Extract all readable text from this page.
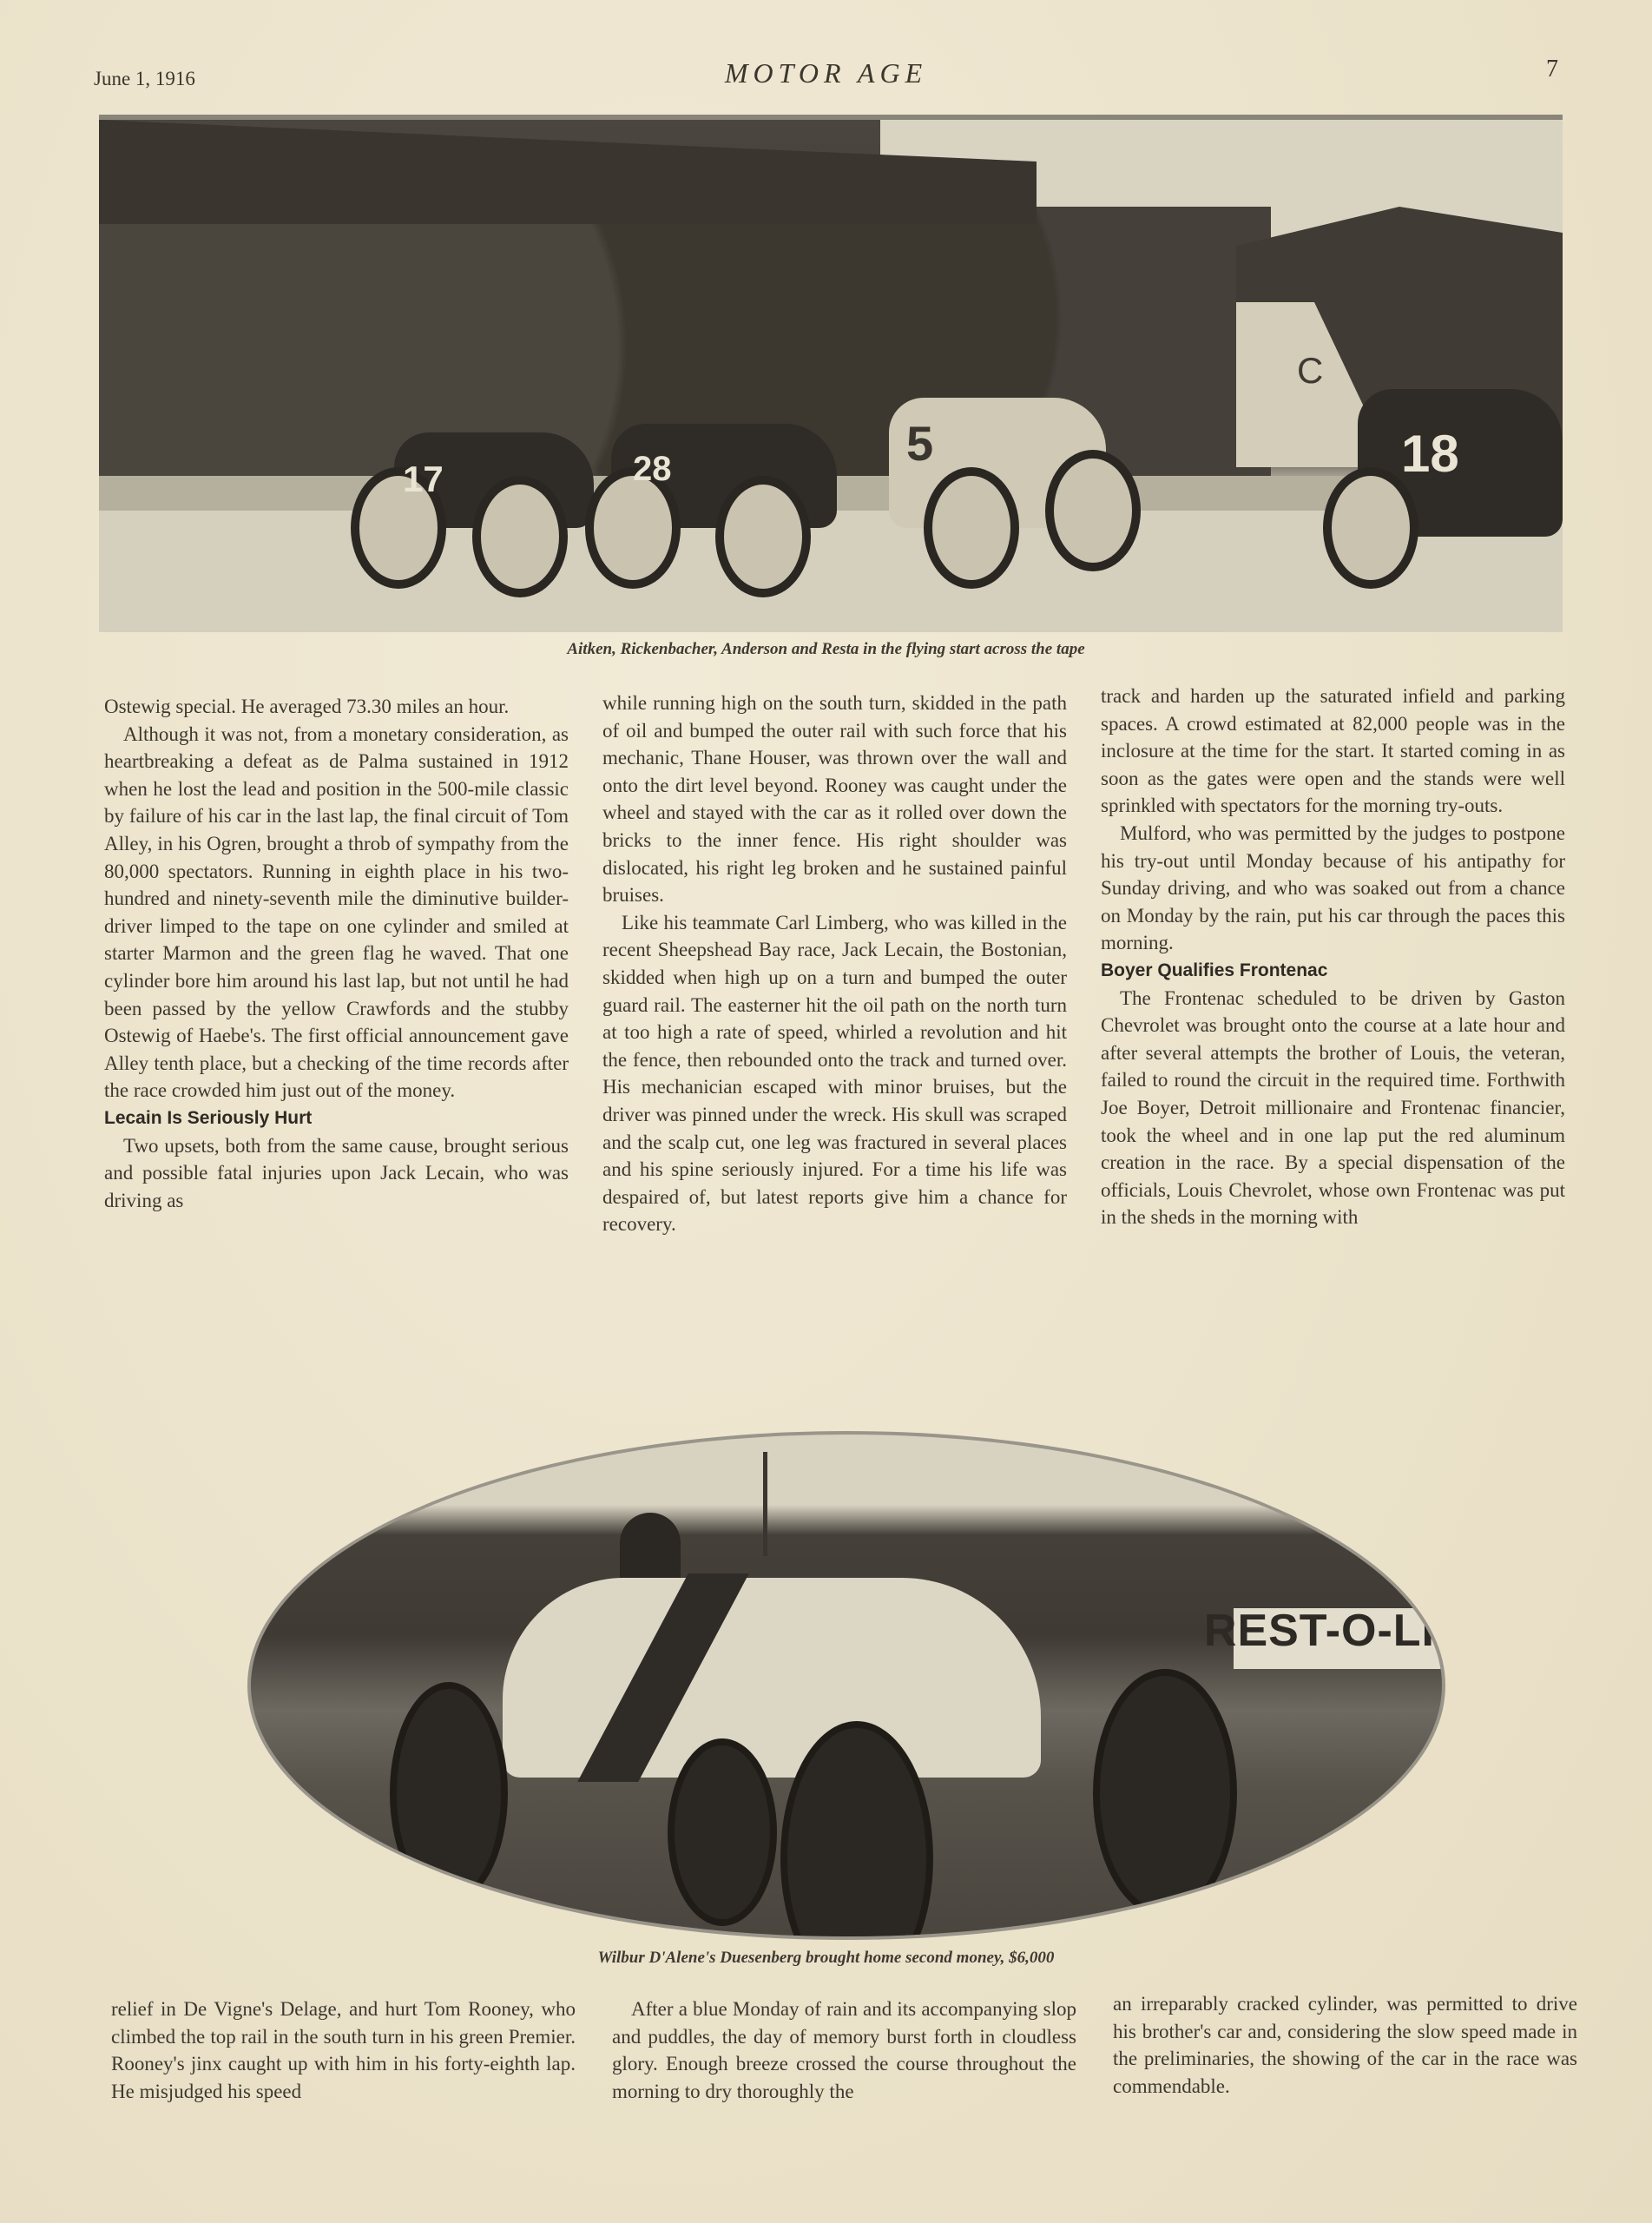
June 1, 1916	MOTOR AGE	7
C
17	28	5	18
Aitken, Rickenbacher, Anderson and Resta in the flying start across the tape

Ostewig special. He averaged 73.30 miles an hour.

Although it was not, from a monetary consideration, as heartbreaking a defeat as de Palma sustained in 1912 when he lost the lead and position in the 500-mile classic by failure of his car in the last lap, the final circuit of Tom Alley, in his Ogren, brought a throb of sympathy from the 80,000 spectators. Running in eighth place in his two-hundred and ninety-seventh mile the diminutive builder-driver limped to the tape on one cylinder and smiled at starter Marmon and the green flag he waved. That one cylinder bore him around his last lap, but not until he had been passed by the yellow Crawfords and the stubby Ostewig of Haebe's. The first official announcement gave Alley tenth place, but a checking of the time records after the race crowded him just out of the money.

Lecain Is Seriously Hurt

Two upsets, both from the same cause, brought serious and possible fatal injuries upon Jack Lecain, who was driving as

while running high on the south turn, skidded in the path of oil and bumped the outer rail with such force that his mechanic, Thane Houser, was thrown over the wall and onto the dirt level beyond. Rooney was caught under the wheel and stayed with the car as it rolled over down the bricks to the inner fence. His right shoulder was dislocated, his right leg broken and he sustained painful bruises.

Like his teammate Carl Limberg, who was killed in the recent Sheepshead Bay race, Jack Lecain, the Bostonian, skidded when high up on a turn and bumped the outer guard rail. The easterner hit the oil path on the north turn at too high a rate of speed, whirled a revolution and hit the fence, then rebounded onto the track and turned over. His mechanician escaped with minor bruises, but the driver was pinned under the wreck. His skull was scraped and the scalp cut, one leg was fractured in several places and his spine seriously injured. For a time his life was despaired of, but latest reports give him a chance for recovery.

track and harden up the saturated infield and parking spaces. A crowd estimated at 82,000 people was in the inclosure at the time for the start. It started coming in as soon as the gates were open and the stands were well sprinkled with spectators for the morning try-outs.

Mulford, who was permitted by the judges to postpone his try-out until Monday because of his antipathy for Sunday driving, and who was soaked out from a chance on Monday by the rain, put his car through the paces this morning.

Boyer Qualifies Frontenac

The Frontenac scheduled to be driven by Gaston Chevrolet was brought onto the course at a late hour and after several attempts the brother of Louis, the veteran, failed to round the circuit in the required time. Forthwith Joe Boyer, Detroit millionaire and Frontenac financier, took the wheel and in one lap put the red aluminum creation in the race. By a special dispensation of the officials, Louis Chevrolet, whose own Frontenac was put in the sheds in the morning with

REST-O-LI
Wilbur D'Alene's Duesenberg brought home second money, $6,000

relief in De Vigne's Delage, and hurt Tom Rooney, who climbed the top rail in the south turn in his green Premier. Rooney's jinx caught up with him in his forty-eighth lap. He misjudged his speed

After a blue Monday of rain and its accompanying slop and puddles, the day of memory burst forth in cloudless glory. Enough breeze crossed the course throughout the morning to dry thoroughly the

an irreparably cracked cylinder, was permitted to drive his brother's car and, considering the slow speed made in the preliminaries, the showing of the car in the race was commendable.
